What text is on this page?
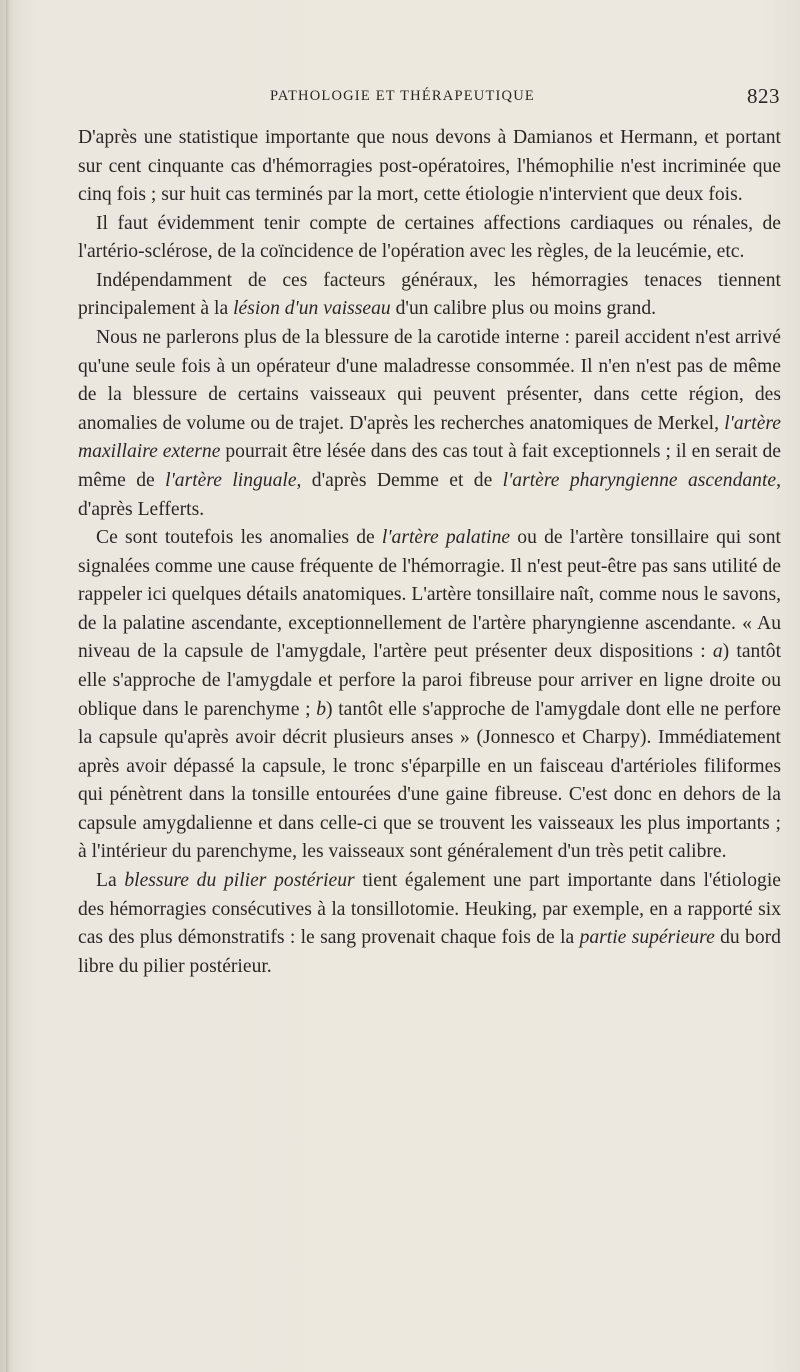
PATHOLOGIE ET THÉRAPEUTIQUE	823

D'après une statistique importante que nous devons à Damianos et Hermann, et portant sur cent cinquante cas d'hémorragies post-opératoires, l'hémophilie n'est incriminée que cinq fois ; sur huit cas terminés par la mort, cette étiologie n'intervient que deux fois.

Il faut évidemment tenir compte de certaines affections cardiaques ou rénales, de l'artério-sclérose, de la coïncidence de l'opération avec les règles, de la leucémie, etc.

Indépendamment de ces facteurs généraux, les hémorragies tenaces tiennent principalement à la lésion d'un vaisseau d'un calibre plus ou moins grand.

Nous ne parlerons plus de la blessure de la carotide interne : pareil accident n'est arrivé qu'une seule fois à un opérateur d'une maladresse consommée. Il n'en n'est pas de même de la blessure de certains vaisseaux qui peuvent présenter, dans cette région, des anomalies de volume ou de trajet. D'après les recherches anatomiques de Merkel, l'artère maxillaire externe pourrait être lésée dans des cas tout à fait exceptionnels ; il en serait de même de l'artère linguale, d'après Demme et de l'artère pharyngienne ascendante, d'après Lefferts.

Ce sont toutefois les anomalies de l'artère palatine ou de l'artère tonsillaire qui sont signalées comme une cause fréquente de l'hémorragie. Il n'est peut-être pas sans utilité de rappeler ici quelques détails anatomiques. L'artère tonsillaire naît, comme nous le savons, de la palatine ascendante, exceptionnellement de l'artère pharyngienne ascendante. « Au niveau de la capsule de l'amygdale, l'artère peut présenter deux dispositions : a) tantôt elle s'approche de l'amygdale et perfore la paroi fibreuse pour arriver en ligne droite ou oblique dans le parenchyme ; b) tantôt elle s'approche de l'amygdale dont elle ne perfore la capsule qu'après avoir décrit plusieurs anses » (Jonnesco et Charpy). Immédiatement après avoir dépassé la capsule, le tronc s'éparpille en un faisceau d'artérioles filiformes qui pénètrent dans la tonsille entourées d'une gaine fibreuse. C'est donc en dehors de la capsule amygdalienne et dans celle-ci que se trouvent les vaisseaux les plus importants ; à l'intérieur du parenchyme, les vaisseaux sont généralement d'un très petit calibre.

La blessure du pilier postérieur tient également une part importante dans l'étiologie des hémorragies consécutives à la tonsillotomie. Heuking, par exemple, en a rapporté six cas des plus démonstratifs : le sang provenait chaque fois de la partie supérieure du bord libre du pilier postérieur.
